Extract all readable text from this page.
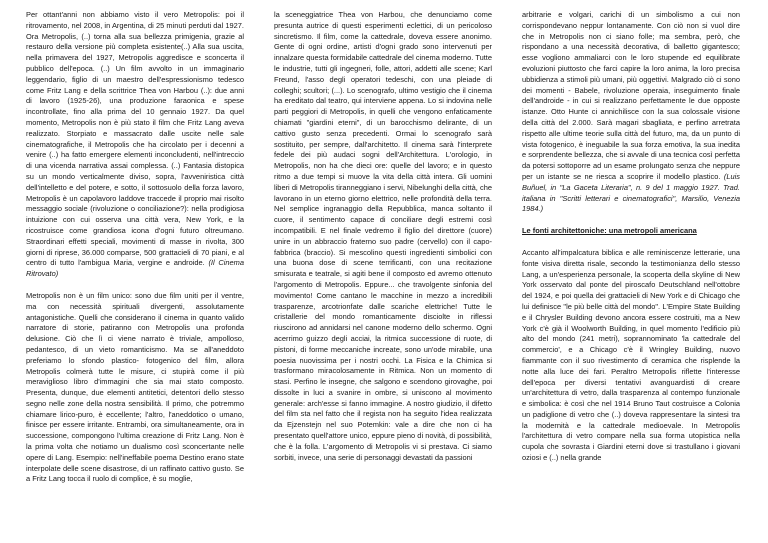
Per ottant'anni non abbiamo visto il vero Metropolis: poi il ritrovamento, nel 2008, in Argentina, di 25 minuti perduti dal 1927. Ora Metropolis, (..) torna alla sua bellezza primigenia, grazie al restauro della versione più completa esistente(..) Alla sua uscita, nella primavera del 1927, Metropolis aggredisce e sconcerta il pubblico dell'epoca. (..) Un film avvolto in un immaginario leggendario, figlio di un maestro dell'espressionismo tedesco come Fritz Lang e della scrittrice Thea von Harbou (..): due anni di lavoro (1925-26), una produzione faraonica e spese incontrollate, fino alla prima del 10 gennaio 1927. Da quel momento, Metropolis non è più stato il film che Fritz Lang aveva realizzato. Storpiato e massacrato dalle uscite nelle sale cinematografiche, il Metropolis che ha circolato per i decenni a venire (..) ha fatto emergere elementi inconcludenti, nell'intreccio di una vicenda narrativa assai complessa. (..) Fantasia distopica su un mondo verticalmente diviso, sopra, l'avveniristica città dell'intelletto e del potere, e sotto, il sottosuolo della forza lavoro, Metropolis è un capolavoro laddove traccede il proprio mai risolto messaggio sociale (rivoluzione o conciliazione?): nella prodigiosa intuizione con cui osserva una città vera, New York, e la ricostruisce come grandiosa icona d'ogni futuro oltreumano. Straordinari effetti speciali, movimenti di masse in rivolta, 300 giorni di riprese, 36.000 comparse, 500 grattacieli di 70 piani, e al centro di tutto l'ambigua Maria, vergine e androide. (Il Cinema Ritrovato)

Metropolis non è un film unico: sono due film uniti per il ventre, ma con necessità spirituali divergenti, assolutamente antagonistiche. Quelli che considerano il cinema in quanto valido narratore di storie, patiranno con Metropolis una profonda delusione. Ciò che lì ci viene narrato è triviale, ampolloso, pedantesco, di un vieto romanticismo. Ma se all'aneddoto preferiamo lo sfondo plastico- fotogenico del film, allora Metropolis colmerà tutte le misure, ci stupirà come il più meraviglioso libro d'immagini che sia mai stato composto. Presenta, dunque, due elementi antitetici, detentori dello stesso segno nelle zone della nostra sensibilità. Il primo, che potremmo chiamare lirico-puro, è eccellente; l'altro, l'aneddotico o umano, finisce per essere irritante. Entrambi, ora simultaneamente, ora in successione, compongono l'ultima creazione di Fritz Lang. Non è la prima volta che notiamo un dualismo così sconcertante nelle opere di Lang. Esempio: nell'ineffabile poema Destino erano state interpolate delle scene disastrose, di un raffinato cattivo gusto. Se a Fritz Lang tocca il ruolo di complice, è su moglie,

la sceneggiatrice Thea von Harbou, che denunciamo come presunta autrice di questi esperimenti eclettici, di un pericoloso sincretismo. Il film, come la cattedrale, doveva essere anonimo. Gente di ogni ordine, artisti d'ogni grado sono intervenuti per innalzare questa formidabile cattedrale del cinema moderno. Tutte le industrie, tutti gli ingegneri, folle, attori, addetti alle scene; Karl Freund, l'asso degli operatori tedeschi, con una pleiade di colleghi; scultori; (...). Lo scenografo, ultimo vestigio che il cinema ha ereditato dal teatro, qui interviene appena. Lo si indovina nelle parti peggiori di Metropolis, in quelli che vengono enfaticamente chiamati "giardini eterni", di un barocchismo delirante, di un cattivo gusto senza precedenti. Ormai lo scenografo sarà sostituito, per sempre, dall'architetto. Il cinema sarà l'interprete fedele dei più audaci sogni dell'Architettura. L'orologio, in Metropolis, non ha che dieci ore: quelle del lavoro; e in questo ritmo a due tempi si muove la vita della città intera. Gli uomini liberi di Metropolis tiranneggiano i servi, Nibelunghi della città, che lavorano in un eterno giorno elettrico, nelle profondità della terra. Nel semplice ingranaggio della Repubblica, manca soltanto il cuore, il sentimento capace di conciliare degli estremi così incompatibili. E nel finale vedremo il figlio del direttore (cuore) unire in un abbraccio fraterno suo padre (cervello) con il capo-fabbrica (braccio). Si mescolino questi ingredienti simbolici con una buona dose di scene terrificanti, con una recitazione smisurata e teatrale, si agiti bene il composto ed avremo ottenuto l'argomento di Metropolis. Eppure... che travolgente sinfonia del movimento! Come cantano le macchine in mezzo a incredibili trasparenze, arcotrionfate dalle scariche elettriche! Tutte le cristallerie del mondo romanticamente disciolte in riflessi riuscirono ad annidarsi nel canone moderno dello schermo. Ogni acerrimo guizzo degli acciai, la ritmica successione di ruote, di pistoni, di forme meccaniche increate, sono un'ode mirabile, una poesia nuovissima per i nostri occhi. La Fisica e la Chimica si trasformano miracolosamente in Ritmica. Non un momento di stasi. Perfino le insegne, che salgono e scendono girovaghe, poi dissolte in luci a svanire in ombre, si uniscono al movimento generale: arch'esse si fanno immagine. A nostro giudizio, il difetto del film sta nel fatto che il regista non ha seguito l'idea realizzata da Ejzenstejn nel suo Potemkin: vale a dire che non ci ha presentato quell'attore unico, eppure pieno di novità, di possibilità, che è la folla. L'argomento di Metropolis vi si prestava. Ci siamo sorbiti, invece, una serie di personaggi devastati da passioni

arbitrarie e volgari, carichi di un simbolismo a cui non corrispondevano neppur lontanamente. Con ciò non si vuol dire che in Metropolis non ci siano folle; ma sembra, però, che rispondano a una necessità decorativa, di balletto gigantesco; esse vogliono ammaliarci con le loro stupende ed equilibrate evoluzioni piuttosto che farci capire la loro anima, la loro precisa ubbidienza a stimoli più umani, più oggettivi. Malgrado ciò ci sono dei momenti - Babele, rivoluzione operaia, inseguimento finale dell'androide - in cui si realizzano perfettamente le due opposte istanze. Otto Hunte ci annichilisce con la sua colossale visione della città del 2.000. Sarà magari sbagliata, e perfino arretrata rispetto alle ultime teorie sulla città del futuro, ma, da un punto di vista fotogenico, è ineguabile la sua forza emotiva, la sua inedita e sorprendente bellezza, che si avvale di una tecnica così perfetta da potersi sottoporre ad un esame prolungato senza che neppure per un istante se ne riesca a scoprire il modello plastico. (Luis Buñuel, in "La Gaceta Literaria", n. 9 del 1 maggio 1927. Trad. italiana in "Scritti letterari e cinematografici", Marsilio, Venezia 1984.)

Le fonti architettoniche: una metropoli americana

Accanto all'impalcatura biblica e alle reminiscenze letterarie, una fonte visiva diretta risale, secondo la testimonianza dello stesso Lang, a un'esperienza personale, la scoperta della skyline di New York osservato dal ponte del piroscafo Deutschland nell'ottobre del 1924, e poi quella dei grattacieli di New York e di Chicago che lui definisce "le più belle città del mondo". L'Empire State Building e il Chrysler Building devono ancora essere costruiti, ma a New York c'è già il Woolworth Building, in quel momento l'edificio più alto del mondo (241 metri), soprannominato 'la cattedrale del commercio', e a Chicago c'è il Wringley Building, nuovo fiammante con il suo rivestimento di ceramica che risplende la notte alla luce dei fari. Peraltro Metropolis riflette l'interesse dell'epoca per diversi tentativi avanguardisti di creare un'architettura di vetro, dalla trasparenza al contempo funzionale e simbolica: è così che nel 1914 Bruno Taut costruisce a Colonia un padiglione di vetro che (..) doveva rappresentare la sintesi tra la modernità e la cattedrale medioevale. In Metropolis l'architettura di vetro compare nella sua forma utopistica nella cupola che sovrasta i Giardini eterni dove si trastullano i giovani oziosi e (..) nella grande
